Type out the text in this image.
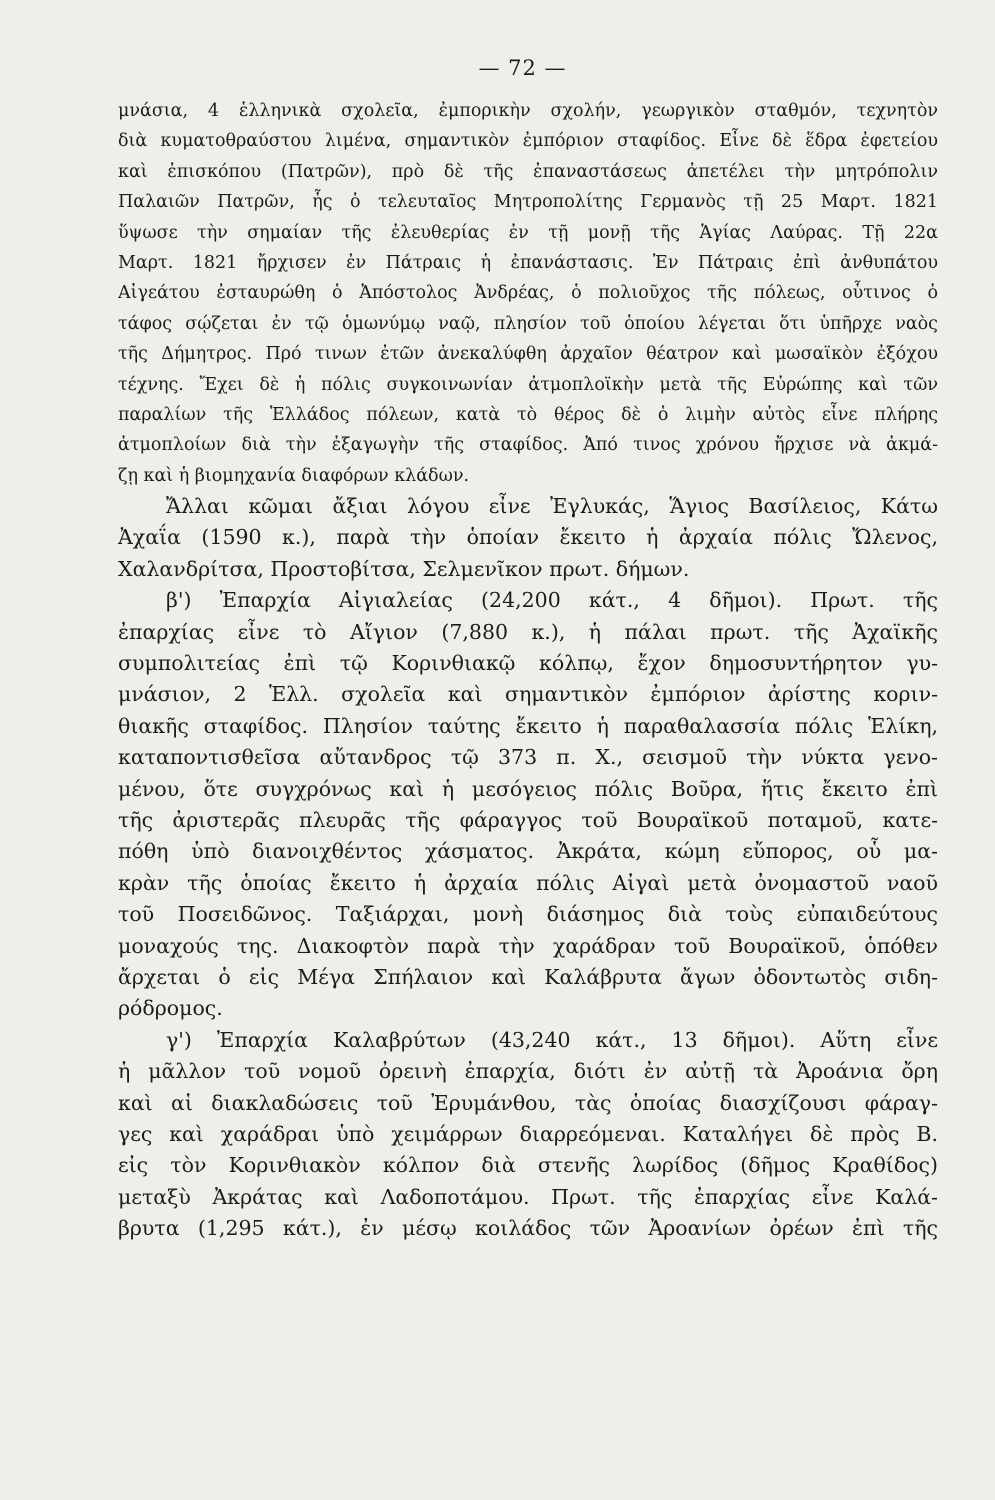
— 72 —
μνάσια, 4 ἑλληνικὰ σχολεῖα, ἐμπορικὴν σχολήν, γεωργικὸν σταθμόν, τεχνητὸν
διὰ κυματοθραύστου λιμένα, σημαντικὸν ἐμπόριον σταφίδος. Εἶνε δὲ ἕδρα ἐφετείου
καὶ ἐπισκόπου (Πατρῶν), πρὸ δὲ τῆς ἐπαναστάσεως ἀπετέλει τὴν μητρόπολιν
Παλαιῶν Πατρῶν, ἧς ὁ τελευταῖος Μητροπολίτης Γερμανὸς τῇ 25 Μαρτ. 1821
ὕψωσε τὴν σημαίαν τῆς ἐλευθερίας ἐν τῇ μονῇ τῆς Ἁγίας Λαύρας. Τῇ 22α
Μαρτ. 1821 ἤρχισεν ἐν Πάτραις ἡ ἐπανάστασις. Ἐν Πάτραις ἐπὶ ἀνθυπάτου
Αἰγεάτου ἐσταυρώθη ὁ Ἀπόστολος Ἀνδρέας, ὁ πολιοῦχος τῆς πόλεως, οὗτινος ὁ
τάφος σῴζεται ἐν τῷ ὁμωνύμῳ ναῷ, πλησίον τοῦ ὁποίου λέγεται ὅτι ὑπῆρχε ναὸς
τῆς Δήμητρος. Πρό τινων ἐτῶν ἀνεκαλύφθη ἀρχαῖον θέατρον καὶ μωσαϊκὸν ἐξόχου
τέχνης. Ἔχει δὲ ἡ πόλις συγκοινωνίαν ἀτμοπλοϊκὴν μετὰ τῆς Εὐρώπης καὶ τῶν
παραλίων τῆς Ἑλλάδος πόλεων, κατὰ τὸ θέρος δὲ ὁ λιμὴν αὐτὸς εἶνε πλήρης
ἀτμοπλοίων διὰ τὴν ἐξαγωγὴν τῆς σταφίδος. Ἀπό τινος χρόνου ἤρχισε νὰ ἀκμά-
ζῃ καὶ ἡ βιομηχανία διαφόρων κλάδων.
Ἄλλαι κῶμαι ἄξιαι λόγου εἶνε Ἐγλυκάς, Ἅγιος Βασίλειος, Κάτω
Ἀχαΐα (1590 κ.), παρὰ τὴν ὁποίαν ἔκειτο ἡ ἀρχαία πόλις Ὤλενος,
Χαλανδρίτσα, Προστοβίτσα, Σελμενῖκον πρωτ. δήμων.
β') Ἐπαρχία Αἰγιαλείας (24,200 κάτ., 4 δῆμοι). Πρωτ. τῆς
ἐπαρχίας εἶνε τὸ Αἴγιον (7,880 κ.), ἡ πάλαι πρωτ. τῆς Ἀχαϊκῆς
συμπολιτείας ἐπὶ τῷ Κορινθιακῷ κόλπῳ, ἔχον δημοσυντήρητον γυ-
μνάσιον, 2 Ἑλλ. σχολεῖα καὶ σημαντικὸν ἐμπόριον ἀρίστης κοριν-
θιακῆς σταφίδος. Πλησίον ταύτης ἔκειτο ἡ παραθαλασσία πόλις Ἑλίκη,
καταποντισθεῖσα αὔτανδρος τῷ 373 π. Χ., σεισμοῦ τὴν νύκτα γενο-
μένου, ὅτε συγχρόνως καὶ ἡ μεσόγειος πόλις Βοῦρα, ἥτις ἔκειτο ἐπὶ
τῆς ἀριστερᾶς πλευρᾶς τῆς φάραγγος τοῦ Βουραϊκοῦ ποταμοῦ, κατε-
πόθη ὑπὸ διανοιχθέντος χάσματος. Ἀκράτα, κώμη εὔπορος, οὗ μα-
κρὰν τῆς ὁποίας ἔκειτο ἡ ἀρχαία πόλις Αἰγαὶ μετὰ ὀνομαστοῦ ναοῦ
τοῦ Ποσειδῶνος. Ταξιάρχαι, μονὴ διάσημος διὰ τοὺς εὐπαιδεύτους
μοναχούς της. Διακοφτὸν παρὰ τὴν χαράδραν τοῦ Βουραϊκοῦ, ὁπόθεν
ἄρχεται ὁ εἰς Μέγα Σπήλαιον καὶ Καλάβρυτα ἄγων ὀδοντωτὸς σιδη-
ρόδρομος.
γ') Ἐπαρχία Καλαβρύτων (43,240 κάτ., 13 δῆμοι). Αὕτη εἶνε
ἡ μᾶλλον τοῦ νομοῦ ὀρεινὴ ἐπαρχία, διότι ἐν αὐτῇ τὰ Ἀροάνια ὄρη
καὶ αἱ διακλαδώσεις τοῦ Ἐρυμάνθου, τὰς ὁποίας διασχίζουσι φάραγ-
γες καὶ χαράδραι ὑπὸ χειμάρρων διαρρεόμεναι. Καταλήγει δὲ πρὸς Β.
εἰς τὸν Κορινθιακὸν κόλπον διὰ στενῆς λωρίδος (δῆμος Κραθίδος)
μεταξὺ Ἀκράτας καὶ Λαδοποτάμου. Πρωτ. τῆς ἐπαρχίας εἶνε Καλά-
βρυτα (1,295 κάτ.), ἐν μέσῳ κοιλάδος τῶν Ἀροανίων ὀρέων ἐπὶ τῆς
